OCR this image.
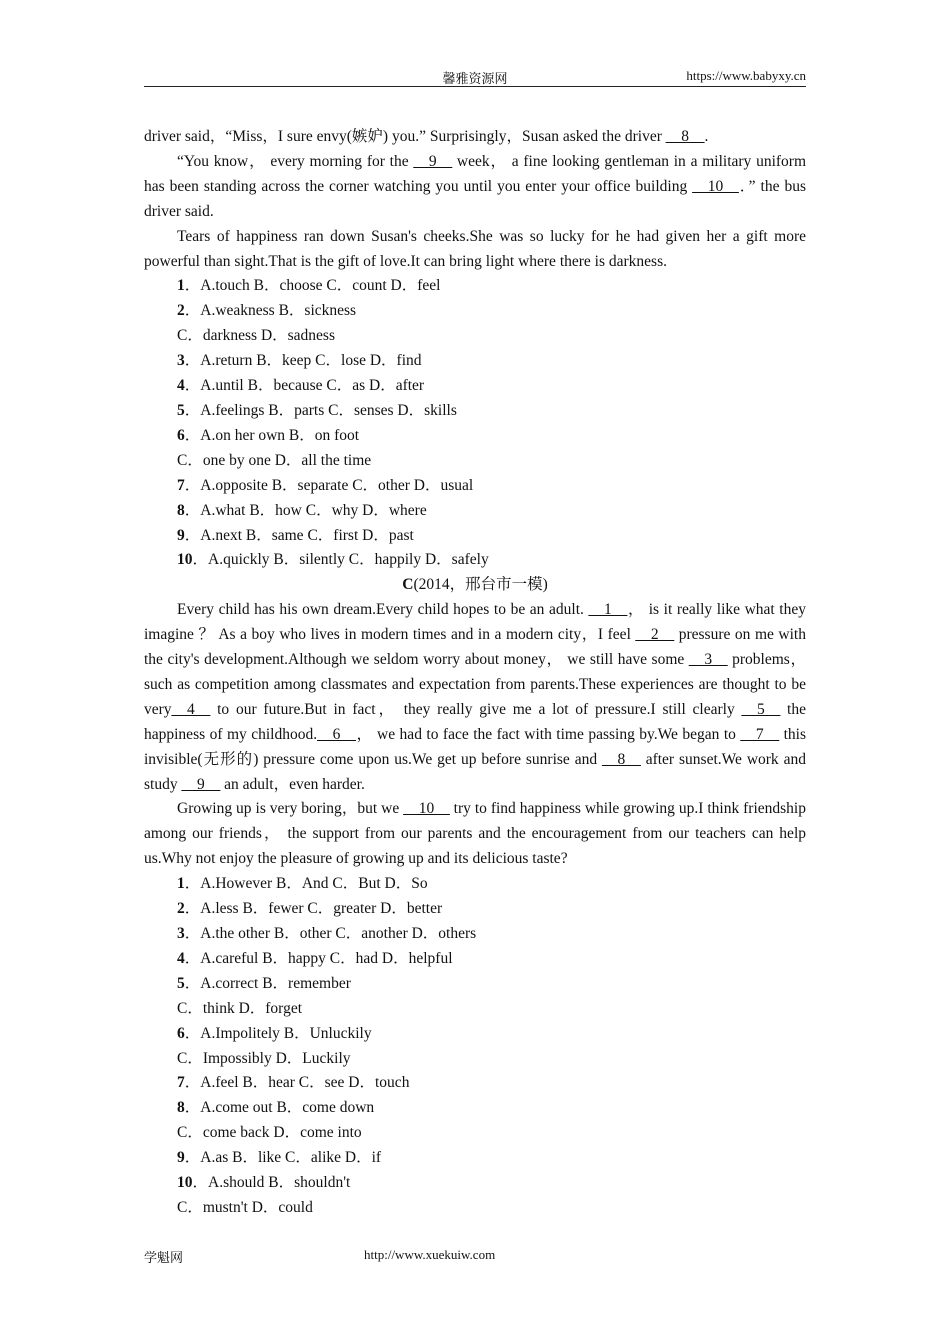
馨雅资源网	https://www.babyxy.cn

driver said，“Miss，I sure envy(嫉妒) you.” Surprisingly，Susan asked the driver __8__.

“You know， every morning for the __9__ week， a fine looking gentleman in a military uniform has been standing across the corner watching you until you enter your office building __10__．” the bus driver said.

Tears of happiness ran down Susan's cheeks.She was so lucky for he had given her a gift more powerful than sight.That is the gift of love.It can bring light where there is darkness.

1．A.touch B．choose C．count D．feel

2．A.weakness B．sickness

C．darkness D．sadness

3．A.return B．keep C．lose D．find

4．A.until B．because C．as D．after

5．A.feelings B．parts C．senses D．skills

6．A.on her own B．on foot

C．one by one D．all the time

7．A.opposite B．separate C．other D．usual

8．A.what B．how C．why D．where

9．A.next B．same C．first D．past

10．A.quickly B．silently C．happily D．safely

C(2014，邢台市一模)

Every child has his own dream.Every child hopes to be an adult. __1__， is it really like what they imagine ？ As a boy who lives in modern times and in a modern city，I feel __2__ pressure on me with the city's development.Although we seldom worry about money， we still have some __3__ problems， such as competition among classmates and expectation from parents.These experiences are thought to be very__4__ to our future.But in fact， they really give me a lot of pressure.I still clearly __5__ the happiness of my childhood.__6__， we had to face the fact with time passing by.We began to __7__ this invisible(无形的) pressure come upon us.We get up before sunrise and __8__ after sunset.We work and study __9__ an adult，even harder.

Growing up is very boring，but we __10__ try to find happiness while growing up.I think friendship among our friends， the support from our parents and the encouragement from our teachers can help us.Why not enjoy the pleasure of growing up and its delicious taste?

1．A.However B．And C．But D．So

2．A.less B．fewer C．greater D．better

3．A.the other B．other C．another D．others

4．A.careful B．happy C．had D．helpful

5．A.correct B．remember

C．think D．forget

6．A.Impolitely B．Unluckily

C．Impossibly D．Luckily

7．A.feel B．hear C．see D．touch

8．A.come out B．come down

C．come back D．come into

9．A.as B．like C．alike D．if

10．A.should B．shouldn't

C．mustn't D．could

学魁网	http://www.xuekuiw.com
